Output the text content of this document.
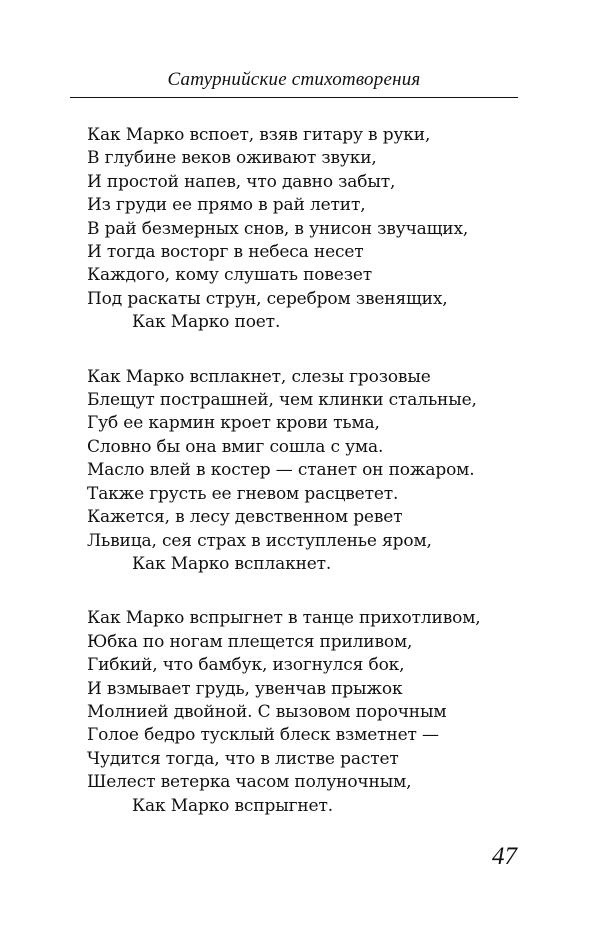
Сатурнийские стихотворения
Как Марко вспоет, взяв гитару в руки,
В глубине веков оживают звуки,
И простой напев, что давно забыт,
Из груди ее прямо в рай летит,
В рай безмерных снов, в унисон звучащих,
И тогда восторг в небеса несет
Каждого, кому слушать повезет
Под раскаты струн, серебром звенящих,
Как Марко поет.
Как Марко всплакнет, слезы грозовые
Блещут пострашней, чем клинки стальные,
Губ ее кармин кроет крови тьма,
Словно бы она вмиг сошла с ума.
Масло влей в костер — станет он пожаром.
Также грусть ее гневом расцветет.
Кажется, в лесу девственном ревет
Львица, сея страх в исступленье яром,
Как Марко всплакнет.
Как Марко вспрыгнет в танце прихотливом,
Юбка по ногам плещется приливом,
Гибкий, что бамбук, изогнулся бок,
И взмывает грудь, увенчав прыжок
Молнией двойной. С вызовом порочным
Голое бедро тусклый блеск взметнет —
Чудится тогда, что в листве растет
Шелест ветерка часом полуночным,
Как Марко вспрыгнет.
47
